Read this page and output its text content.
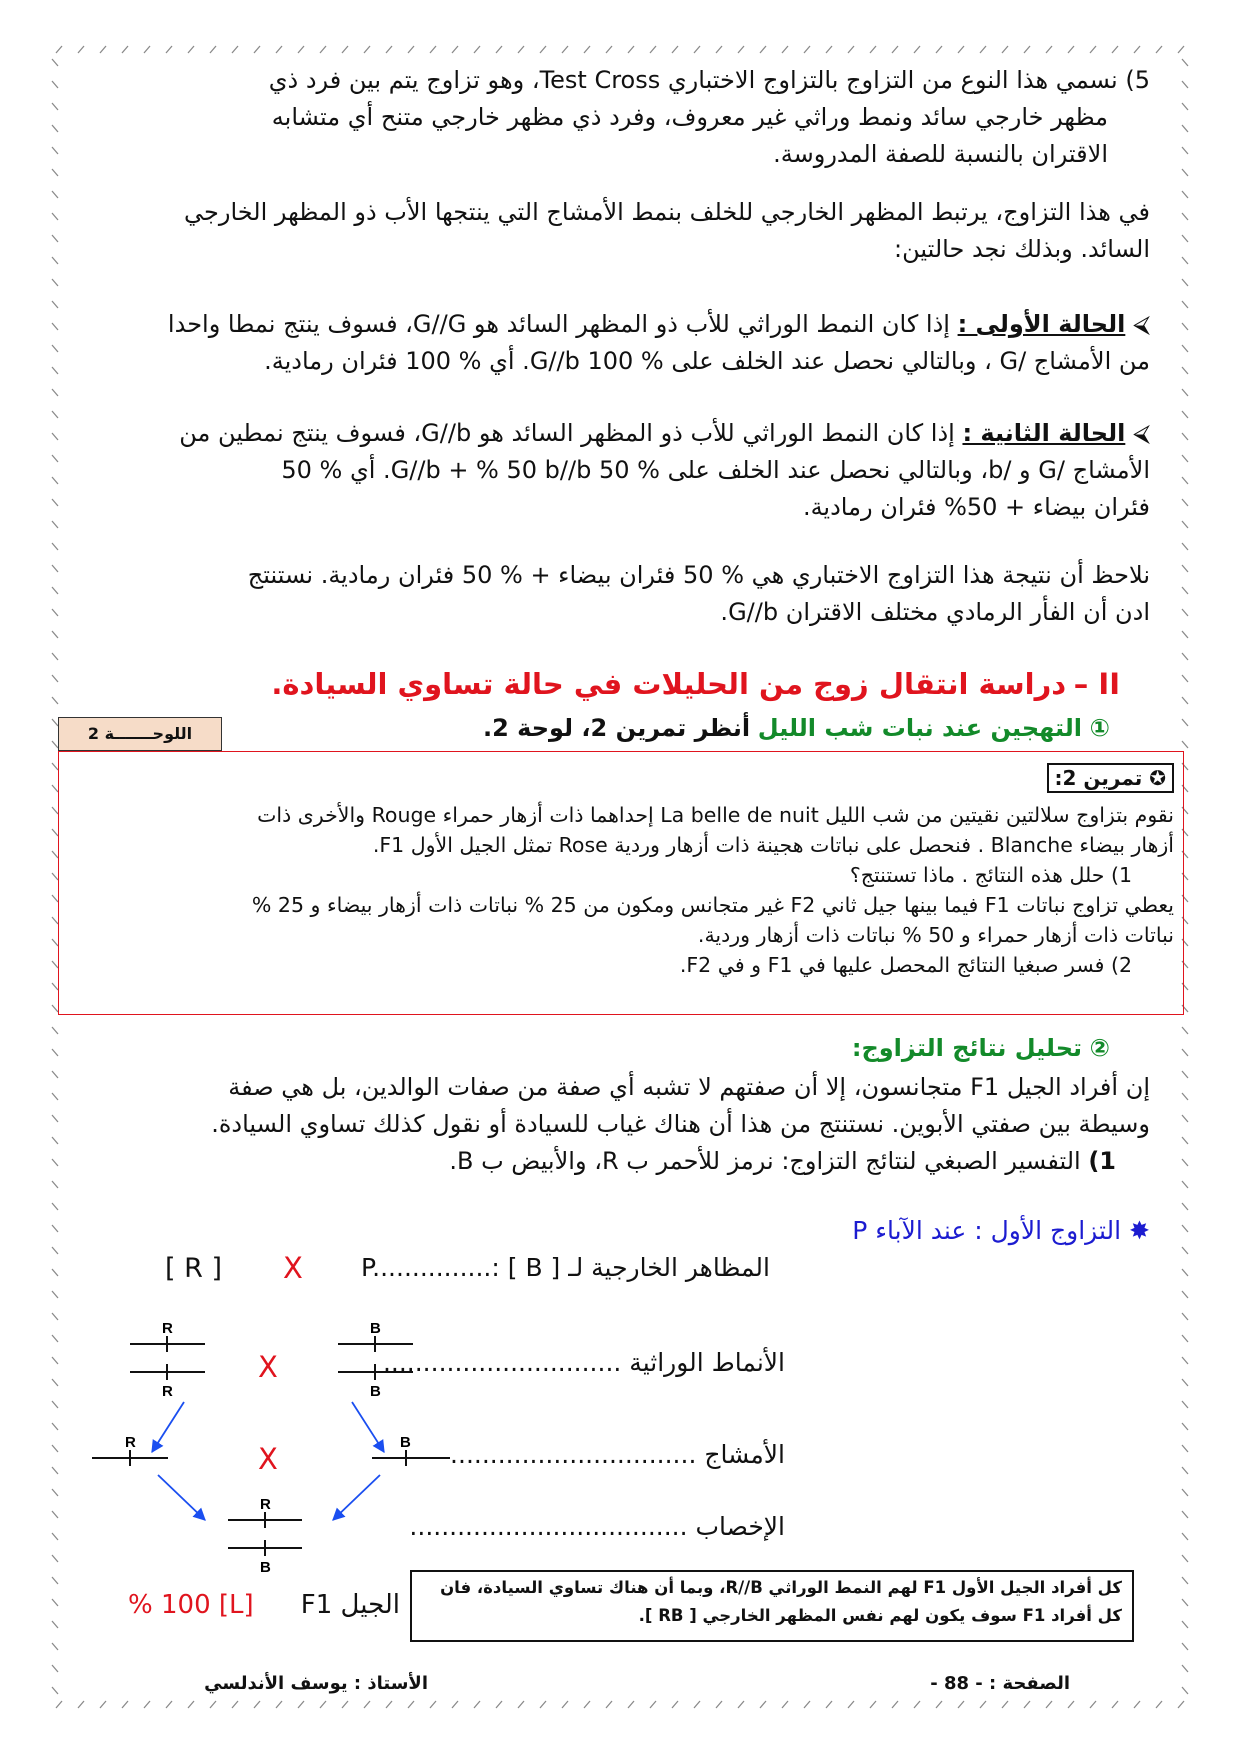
5) نسمي هذا النوع من التزاوج بالتزاوج الاختباري Test Cross، وهو تزاوج يتم بين فرد ذي
مظهر خارجي سائد ونمط وراثي غير معروف، وفرد ذي مظهر خارجي متنح أي متشابه
الاقتران بالنسبة للصفة المدروسة.
في هذا التزاوج، يرتبط المظهر الخارجي للخلف بنمط الأمشاج التي ينتجها الأب ذو المظهر الخارجي
السائد. وبذلك نجد حالتين:
⮘ الحالة الأولى : إذا كان النمط الوراثي للأب ذو المظهر السائد هو G//G، فسوف ينتج نمطا واحدا
من الأمشاج /G ، وبالتالي نحصل عند الخلف على % 100 G//b. أي % 100 فئران رمادية.
⮘ الحالة الثانية : إذا كان النمط الوراثي للأب ذو المظهر السائد هو G//b، فسوف ينتج نمطين من
الأمشاج /G و /b، وبالتالي نحصل عند الخلف على % 50 G//b + % 50 b//b. أي % 50
فئران بيضاء + 50% فئران رمادية.
نلاحظ أن نتيجة هذا التزاوج الاختباري هي % 50 فئران بيضاء + % 50 فئران رمادية. نستنتج
ادن أن الفأر الرمادي مختلف الاقتران G//b.
II – دراسة انتقال زوج من الحليلات في حالة تساوي السيادة.
① التهجين عند نبات شب الليل أنظر تمرين 2، لوحة 2.
اللوحـــــــة 2
✪ تمرين 2:
نقوم بتزاوج سلالتين نقيتين من شب الليل La belle de nuit إحداهما ذات أزهار حمراء Rouge والأخرى ذات
أزهار بيضاء Blanche . فنحصل على نباتات هجينة ذات أزهار وردية Rose تمثل الجيل الأول F1.
1) حلل هذه النتائج . ماذا تستنتج؟
يعطي تزاوج نباتات F1 فيما بينها جيل ثاني F2 غير متجانس ومكون من 25 % نباتات ذات أزهار بيضاء و 25 %
نباتات ذات أزهار حمراء و 50 % نباتات ذات أزهار وردية.
2) فسر صبغيا النتائج المحصل عليها في F1 و في F2.
② تحليل نتائج التزاوج:
إن أفراد الجيل F1 متجانسون، إلا أن صفتهم لا تشبه أي صفة من صفات الوالدين، بل هي صفة
وسيطة بين صفتي الأبوين. نستنتج من هذا أن هناك غياب للسيادة أو نقول كذلك تساوي السيادة.
1) التفسير الصبغي لنتائج التزاوج: نرمز للأحمر ب R، والأبيض ب B.
✸ التزاوج الأول : عند الآباء P
المظاهر الخارجية لـ P...............: [ B ]
[ R ] X
الأنماط الوراثية ..............................
الأمشاج ...............................
الإخصاب ...................................
X
X
R
R
B
B
R	B
R
B
الجيل F1
[L] 100 %
كل أفراد الجيل الأول F1 لهم النمط الوراثي R//B، وبما أن هناك تساوي السيادة، فان
كل أفراد F1 سوف يكون لهم نفس المظهر الخارجي [ RB ].
الصفحة : - 88 -
الأستاذ : يوسف الأندلسي
